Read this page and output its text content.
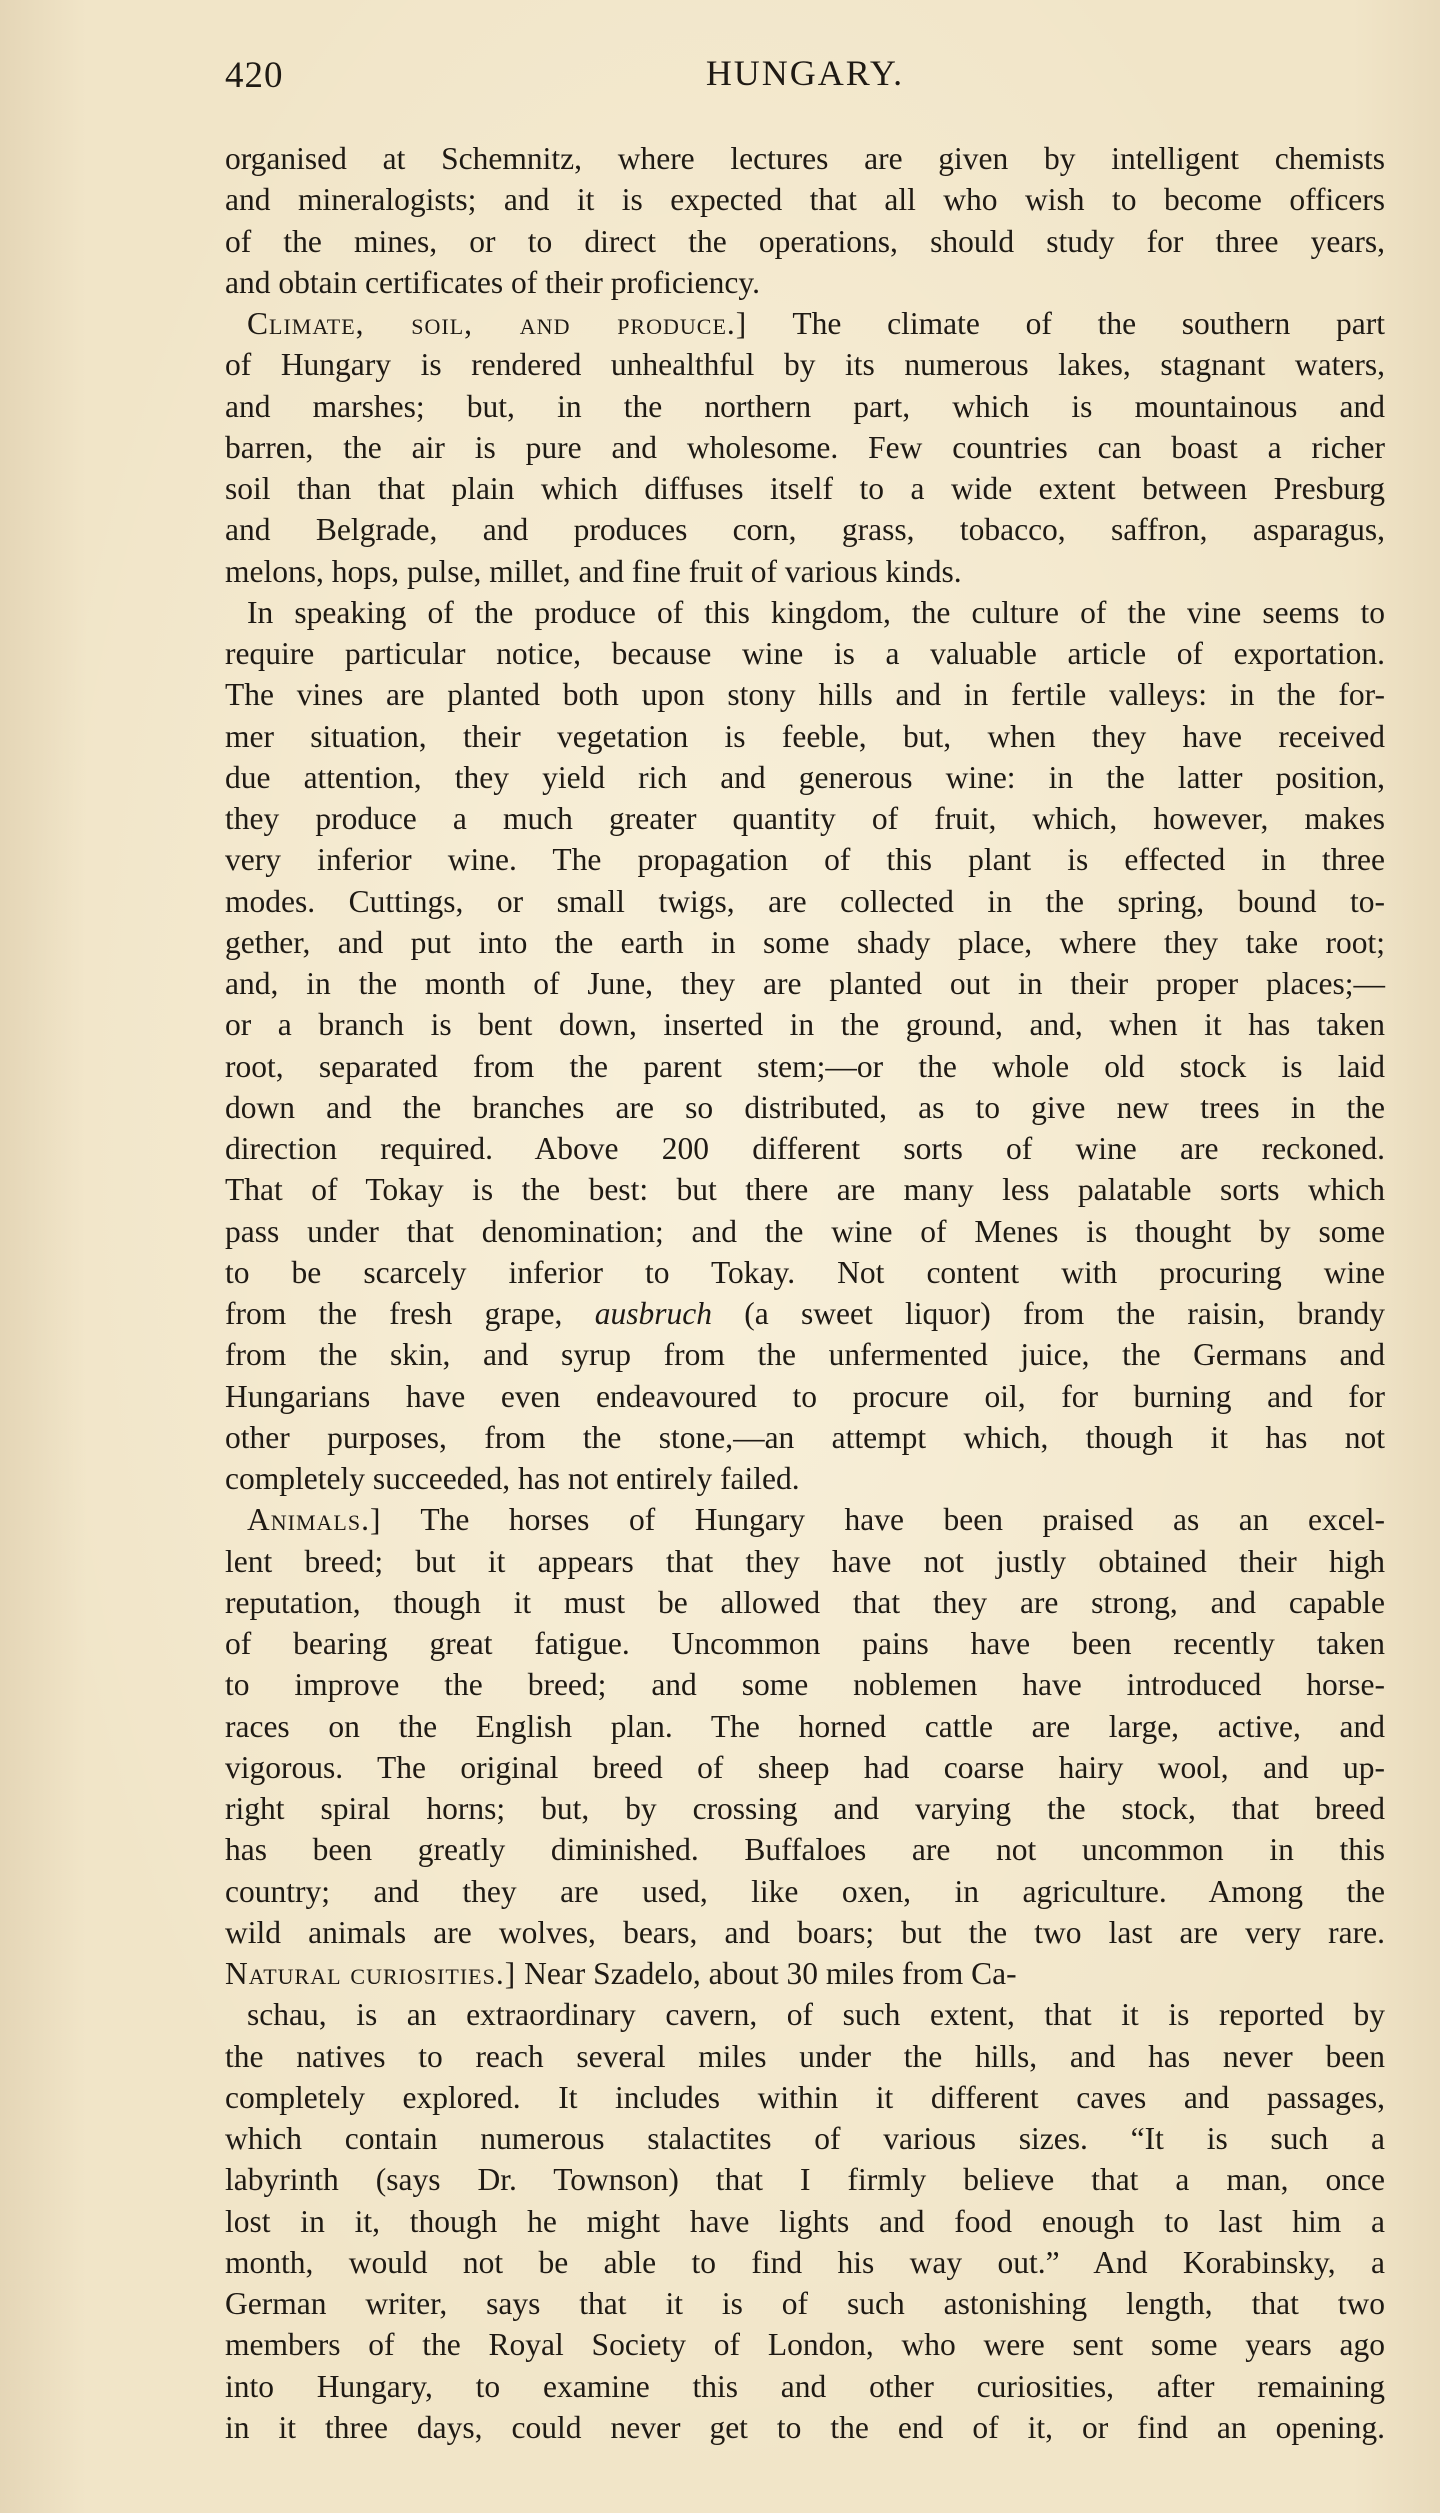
420	HUNGARY.
organised at Schemnitz, where lectures are given by intelligent chemists
and mineralogists; and it is expected that all who wish to become officers
of the mines, or to direct the operations, should study for three years,
and obtain certificates of their proficiency.
Climate, soil, and produce.] The climate of the southern part
of Hungary is rendered unhealthful by its numerous lakes, stagnant waters,
and marshes; but, in the northern part, which is mountainous and
barren, the air is pure and wholesome. Few countries can boast a richer
soil than that plain which diffuses itself to a wide extent between Presburg
and Belgrade, and produces corn, grass, tobacco, saffron, asparagus,
melons, hops, pulse, millet, and fine fruit of various kinds.
In speaking of the produce of this kingdom, the culture of the vine seems to
require particular notice, because wine is a valuable article of exportation.
The vines are planted both upon stony hills and in fertile valleys: in the for-
mer situation, their vegetation is feeble, but, when they have received
due attention, they yield rich and generous wine: in the latter position,
they produce a much greater quantity of fruit, which, however, makes
very inferior wine. The propagation of this plant is effected in three
modes. Cuttings, or small twigs, are collected in the spring, bound to-
gether, and put into the earth in some shady place, where they take root;
and, in the month of June, they are planted out in their proper places;—
or a branch is bent down, inserted in the ground, and, when it has taken
root, separated from the parent stem;—or the whole old stock is laid
down and the branches are so distributed, as to give new trees in the
direction required. Above 200 different sorts of wine are reckoned.
That of Tokay is the best: but there are many less palatable sorts which
pass under that denomination; and the wine of Menes is thought by some
to be scarcely inferior to Tokay. Not content with procuring wine
from the fresh grape, ausbruch (a sweet liquor) from the raisin, brandy
from the skin, and syrup from the unfermented juice, the Germans and
Hungarians have even endeavoured to procure oil, for burning and for
other purposes, from the stone,—an attempt which, though it has not
completely succeeded, has not entirely failed.
Animals.] The horses of Hungary have been praised as an excel-
lent breed; but it appears that they have not justly obtained their high
reputation, though it must be allowed that they are strong, and capable
of bearing great fatigue. Uncommon pains have been recently taken
to improve the breed; and some noblemen have introduced horse-
races on the English plan. The horned cattle are large, active, and
vigorous. The original breed of sheep had coarse hairy wool, and up-
right spiral horns; but, by crossing and varying the stock, that breed
has been greatly diminished. Buffaloes are not uncommon in this
country; and they are used, like oxen, in agriculture. Among the
wild animals are wolves, bears, and boars; but the two last are very rare.
Natural curiosities.] Near Szadelo, about 30 miles from Ca-
schau, is an extraordinary cavern, of such extent, that it is reported by
the natives to reach several miles under the hills, and has never been
completely explored. It includes within it different caves and passages,
which contain numerous stalactites of various sizes. “It is such a
labyrinth (says Dr. Townson) that I firmly believe that a man, once
lost in it, though he might have lights and food enough to last him a
month, would not be able to find his way out.” And Korabinsky, a
German writer, says that it is of such astonishing length, that two
members of the Royal Society of London, who were sent some years ago
into Hungary, to examine this and other curiosities, after remaining
in it three days, could never get to the end of it, or find an opening.
